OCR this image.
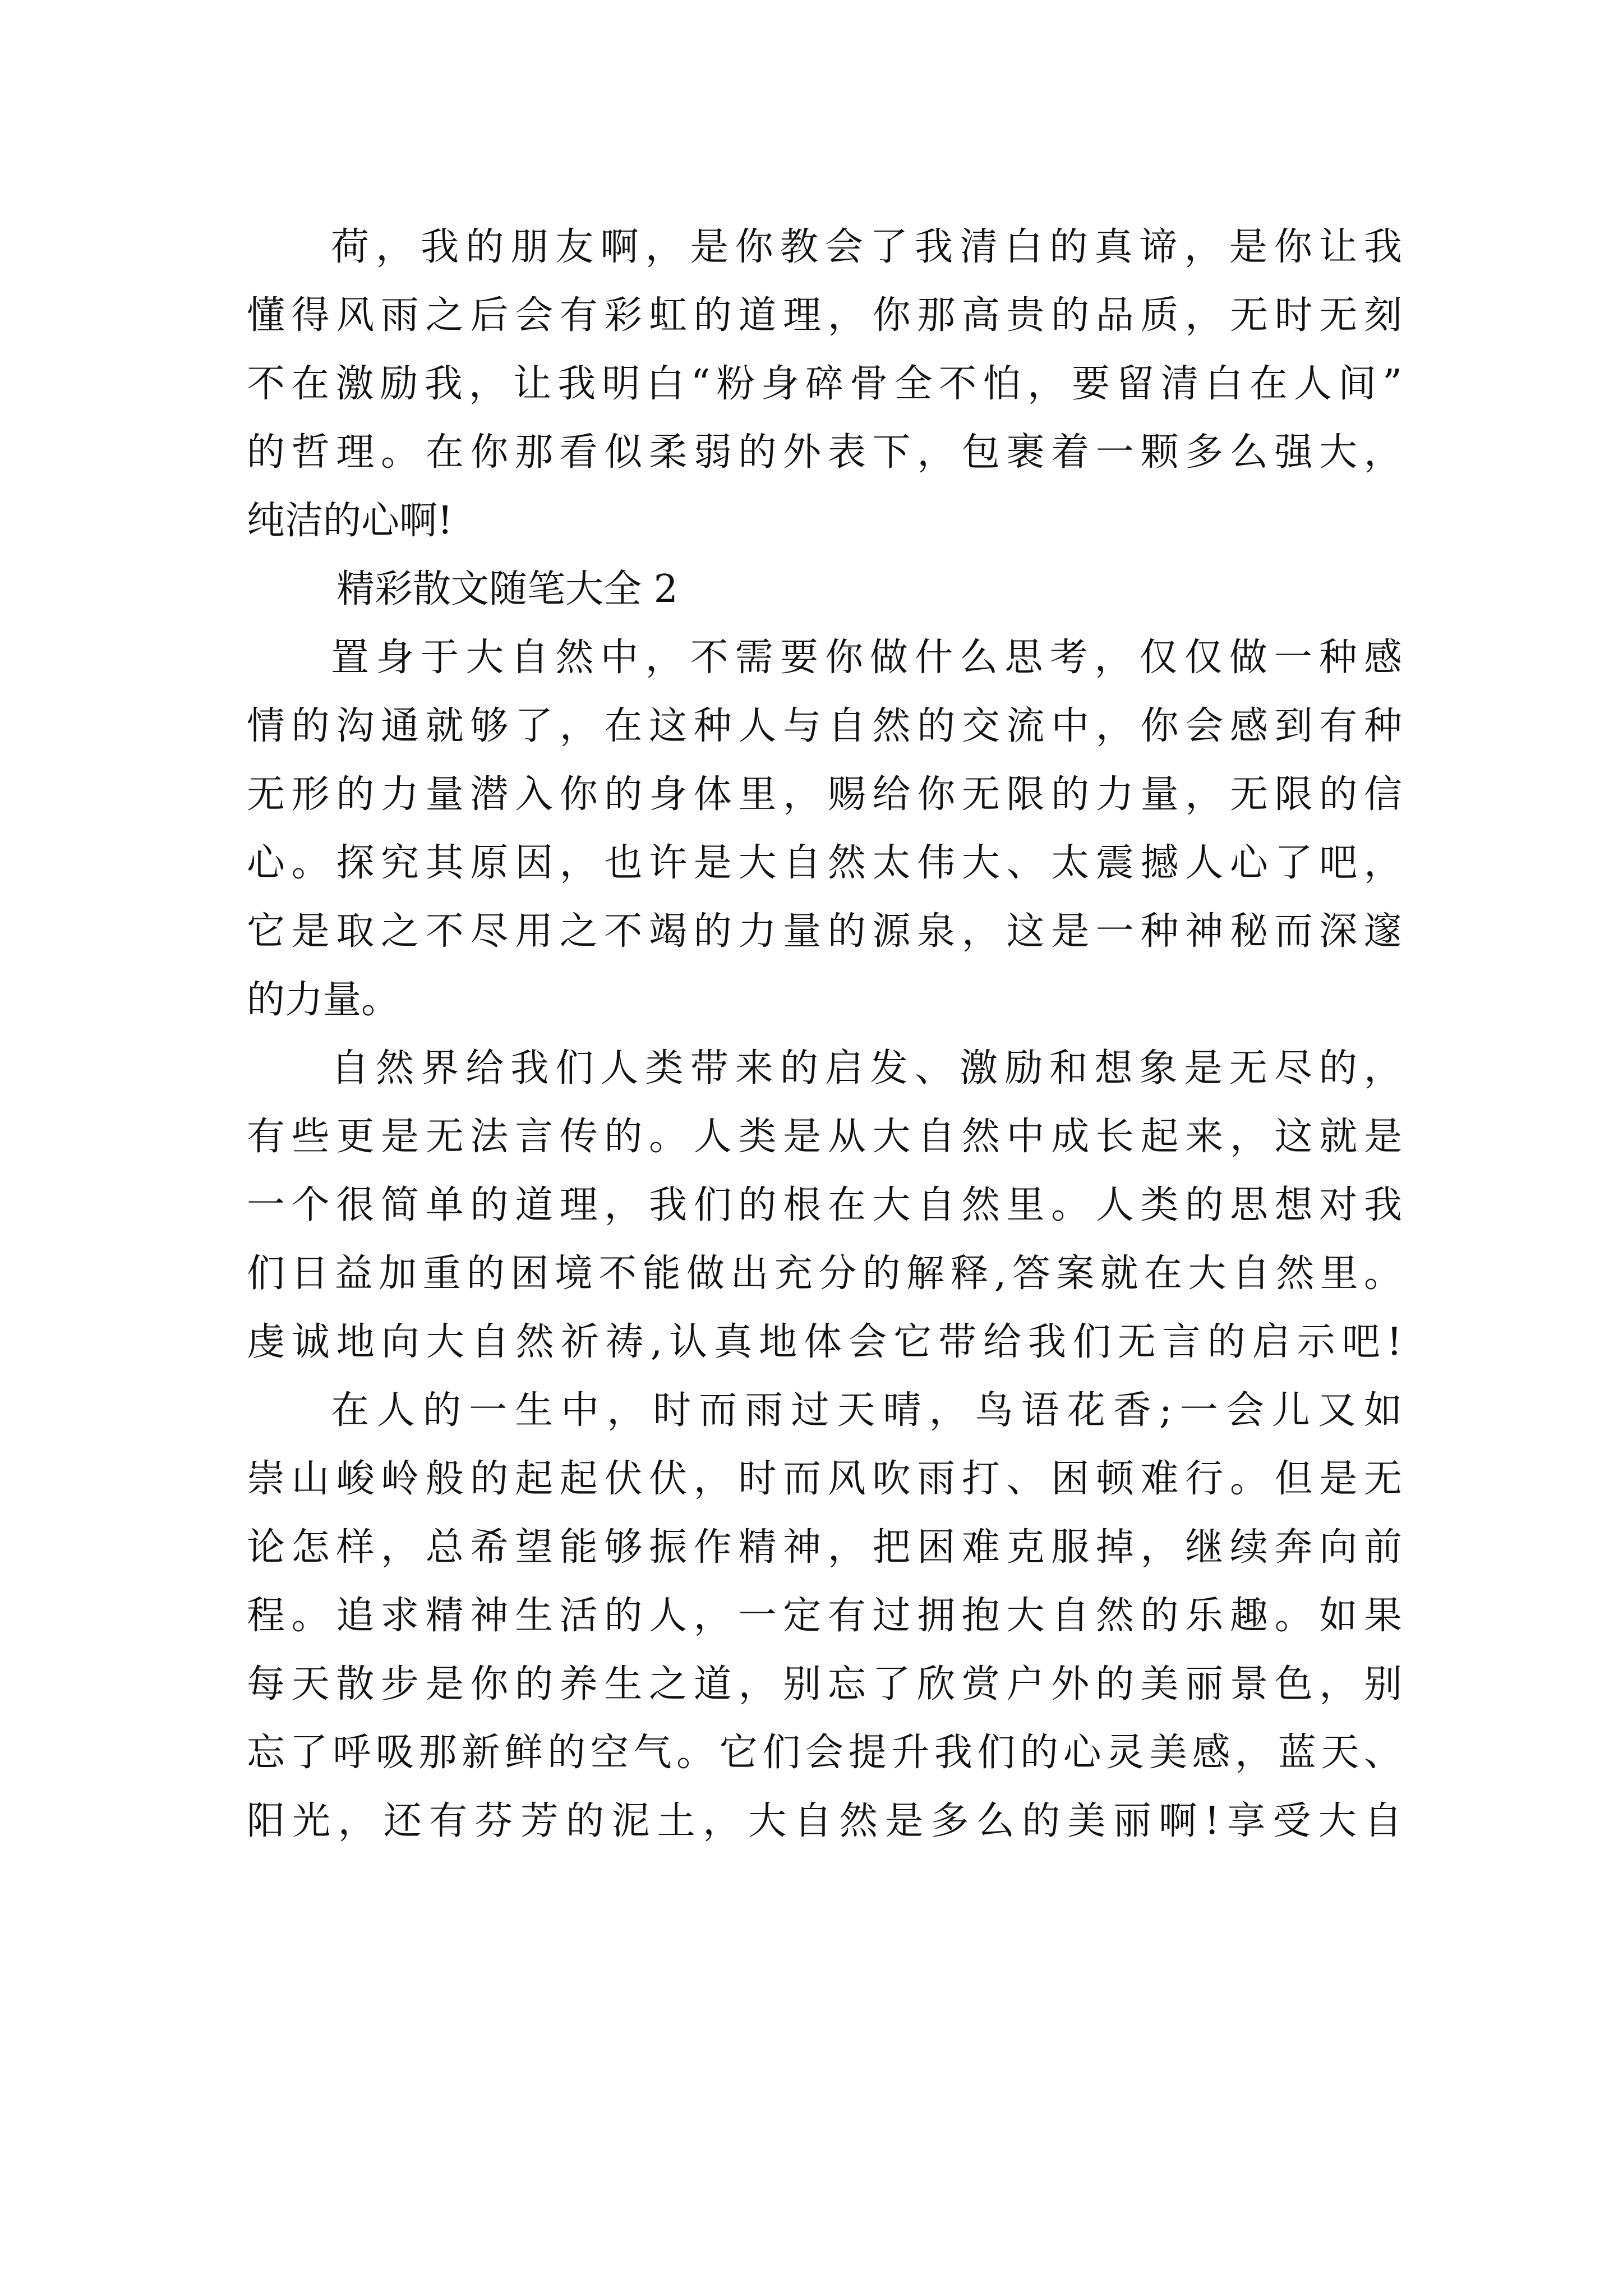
荷，我的朋友啊，是你教会了我清白的真谛，是你让我
懂得风雨之后会有彩虹的道理，你那高贵的品质，无时无刻
不在激励我，让我明白“粉身碎骨全不怕，要留清白在人间”
的哲理。在你那看似柔弱的外表下，包裹着一颗多么强大，
纯洁的心啊!
精彩散文随笔大全 2
置身于大自然中，不需要你做什么思考，仅仅做一种感
情的沟通就够了，在这种人与自然的交流中，你会感到有种
无形的力量潜入你的身体里，赐给你无限的力量，无限的信
心。探究其原因，也许是大自然太伟大、太震撼人心了吧，
它是取之不尽用之不竭的力量的源泉，这是一种神秘而深邃
的力量。
自然界给我们人类带来的启发、激励和想象是无尽的，
有些更是无法言传的。人类是从大自然中成长起来，这就是
一个很简单的道理，我们的根在大自然里。人类的思想对我
们日益加重的困境不能做出充分的解释,答案就在大自然里。
虔诚地向大自然祈祷,认真地体会它带给我们无言的启示吧!
在人的一生中，时而雨过天晴，鸟语花香;一会儿又如
崇山峻岭般的起起伏伏，时而风吹雨打、困顿难行。但是无
论怎样，总希望能够振作精神，把困难克服掉，继续奔向前
程。追求精神生活的人，一定有过拥抱大自然的乐趣。如果
每天散步是你的养生之道，别忘了欣赏户外的美丽景色，别
忘了呼吸那新鲜的空气。它们会提升我们的心灵美感，蓝天、
阳光，还有芬芳的泥土，大自然是多么的美丽啊!享受大自
